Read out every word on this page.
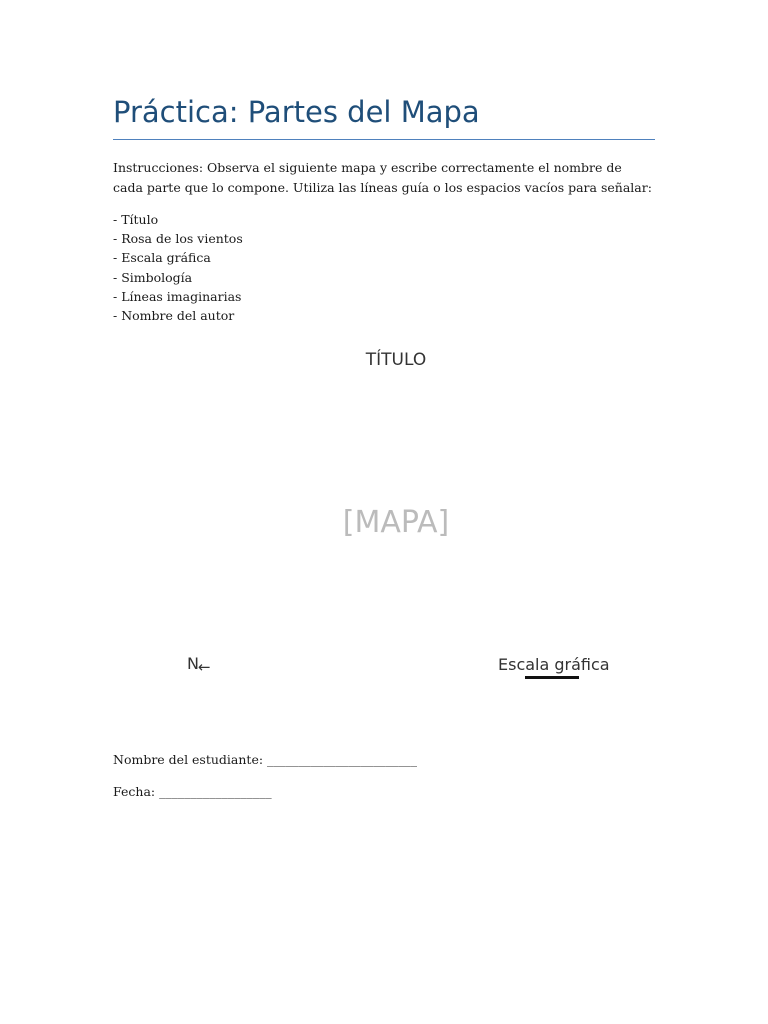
Práctica: Partes del Mapa

Instrucciones: Observa el siguiente mapa y escribe correctamente el nombre de cada parte que lo compone. Utiliza las líneas guía o los espacios vacíos para señalar:

- Título
- Rosa de los vientos
- Escala gráfica
- Simbología
- Líneas imaginarias
- Nombre del autor
TÍTULO
[MAPA]
N←	Escala gráfica
Nombre del estudiante: ________________________
Fecha: __________________
